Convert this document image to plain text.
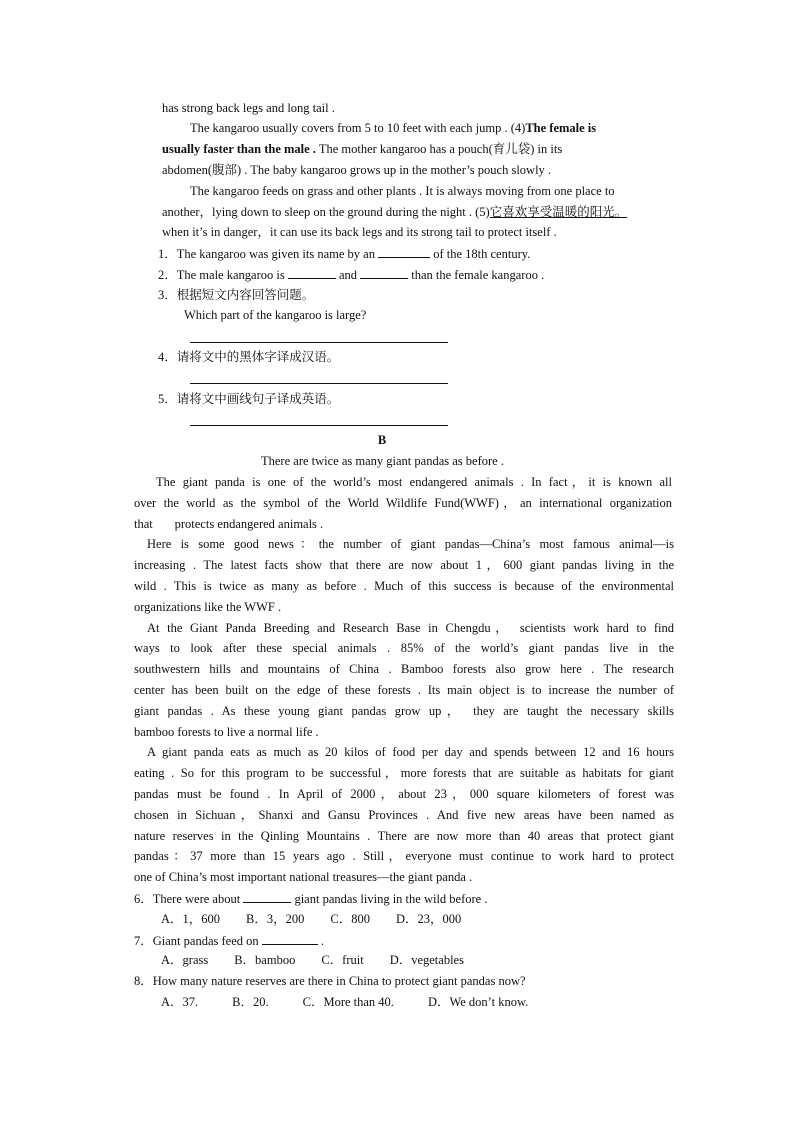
has strong back legs and long tail .
The kangaroo usually covers from 5 to 10 feet with each jump . (4)The female is
usually faster than the male . The mother kangaroo has a pouch(育儿袋) in its
abdomen(腹部) . The baby kangaroo grows up in the mother’s pouch slowly .
The kangaroo feeds on grass and other plants . It is always moving from one place to
another，lying down to sleep on the ground during the night . (5)它喜欢享受温暖的阳光。
when it’s in danger，it can use its back legs and its strong tail to protect itself .
1．The kangaroo was given its name by an	of the 18th century.
2．The male kangaroo is	and	than the female kangaroo .
3．根据短文内容回答问题。
Which part of the kangaroo is large?
4．请将文中的黑体字译成汉语。
5．请将文中画线句子译成英语。
B
There are twice as many giant pandas as before .
The giant panda is one of the world’s most endangered animals . In fact，it is known all
over the world as the symbol of the World Wildlife Fund(WWF)，an international organization
that       protects endangered animals .
Here is some good news：the number of giant pandas—China’s most famous animal—is
increasing . The latest facts show that there are now about 1，600 giant pandas living in the
wild . This is twice as many as before . Much of this success is because of the environmental
organizations like the WWF .
At the Giant Panda Breeding and Research Base in Chengdu， scientists work hard to find
ways to look after these special animals . 85% of the world’s giant pandas live in the
southwestern hills and mountains of China . Bamboo forests also grow here . The research
center has been built on the edge of these forests . Its main object is to increase the number of
giant pandas . As these young giant pandas grow up， they are taught the necessary skills
bamboo forests to live a normal life .
A giant panda eats as much as 20 kilos of food per day and spends between 12 and 16 hours
eating . So for this program to be successful，more forests that are suitable as habitats for giant
pandas must be found . In April of 2000，about 23，000 square kilometers of forest was
chosen in Sichuan，Shanxi and Gansu Provinces . And five new areas have been named as
nature reserves in the Qinling Mountains . There are now more than 40 areas that protect giant
pandas：37 more than 15 years ago . Still，everyone must continue to work hard to protect
one of China’s most important national treasures—the giant panda .
6．There were about	giant pandas living in the wild before .
A．1，600 B．3，200 C．800 D．23，000
7．Giant pandas feed on	.
A．grass B．bamboo C．fruit D．vegetables
8．How many nature reserves are there in China to protect giant pandas now?
A．37.	B．20.	C．More than 40.	D．We don’t know.
